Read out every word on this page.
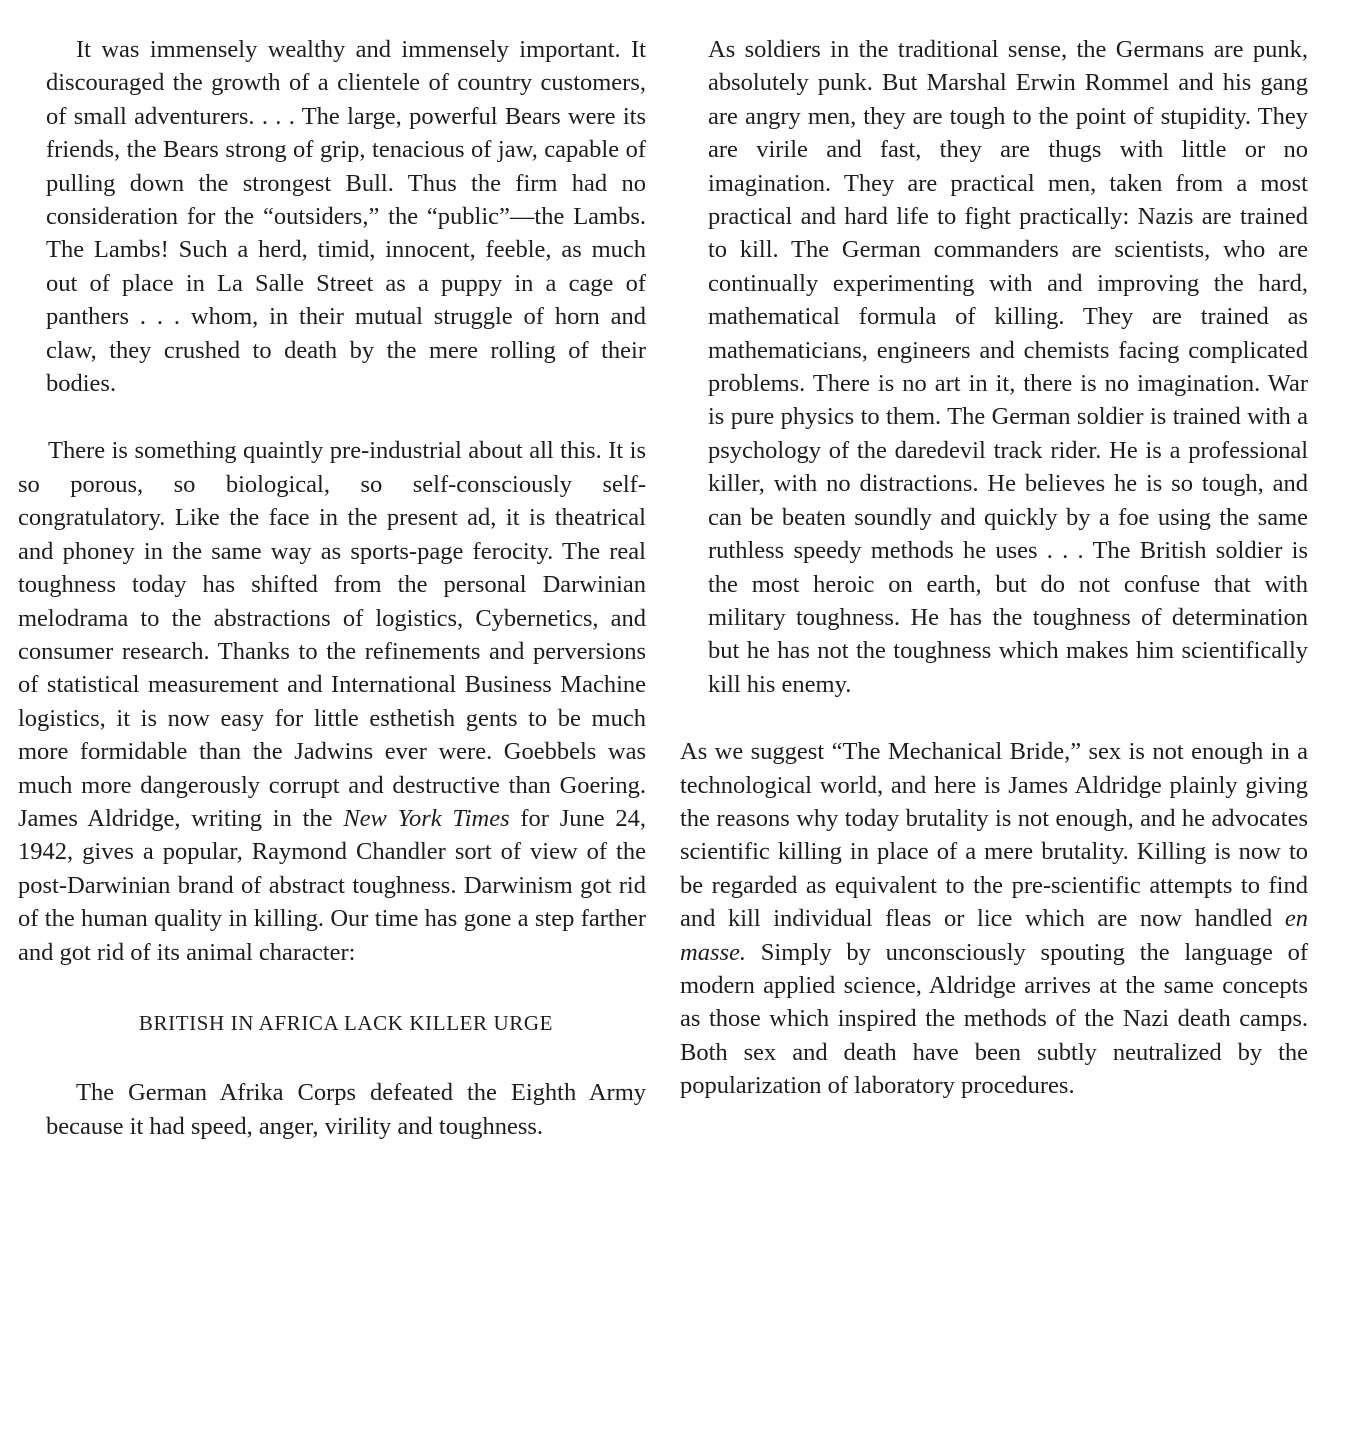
It was immensely wealthy and immensely important. It discouraged the growth of a clientele of country customers, of small adventurers. . . . The large, powerful Bears were its friends, the Bears strong of grip, tenacious of jaw, capable of pulling down the strongest Bull. Thus the firm had no consideration for the “outsiders,” the “public”—the Lambs. The Lambs! Such a herd, timid, innocent, feeble, as much out of place in La Salle Street as a puppy in a cage of panthers . . . whom, in their mutual struggle of horn and claw, they crushed to death by the mere rolling of their bodies.

There is something quaintly pre-industrial about all this. It is so porous, so biological, so self-consciously self-congratulatory. Like the face in the present ad, it is theatrical and phoney in the same way as sports-page ferocity. The real toughness today has shifted from the personal Darwinian melodrama to the abstractions of logistics, Cybernetics, and consumer research. Thanks to the refinements and perversions of statistical measurement and International Business Machine logistics, it is now easy for little esthetish gents to be much more formidable than the Jadwins ever were. Goebbels was much more dangerously corrupt and destructive than Goering. James Aldridge, writing in the New York Times for June 24, 1942, gives a popular, Raymond Chandler sort of view of the post-Darwinian brand of abstract toughness. Darwinism got rid of the human quality in killing. Our time has gone a step farther and got rid of its animal character:

BRITISH IN AFRICA LACK KILLER URGE

The German Afrika Corps defeated the Eighth Army because it had speed, anger, virility and toughness.

As soldiers in the traditional sense, the Germans are punk, absolutely punk. But Marshal Erwin Rommel and his gang are angry men, they are tough to the point of stupidity. They are virile and fast, they are thugs with little or no imagination. They are practical men, taken from a most practical and hard life to fight practically: Nazis are trained to kill. The German commanders are scientists, who are continually experimenting with and improving the hard, mathematical formula of killing. They are trained as mathematicians, engineers and chemists facing complicated problems. There is no art in it, there is no imagination. War is pure physics to them. The German soldier is trained with a psychology of the daredevil track rider. He is a professional killer, with no distractions. He believes he is so tough, and can be beaten soundly and quickly by a foe using the same ruthless speedy methods he uses . . . The British soldier is the most heroic on earth, but do not confuse that with military toughness. He has the toughness of determination but he has not the toughness which makes him scientifically kill his enemy.

As we suggest “The Mechanical Bride,” sex is not enough in a technological world, and here is James Aldridge plainly giving the reasons why today brutality is not enough, and he advocates scientific killing in place of a mere brutality. Killing is now to be regarded as equivalent to the pre-scientific attempts to find and kill individual fleas or lice which are now handled en masse. Simply by unconsciously spouting the language of modern applied science, Aldridge arrives at the same concepts as those which inspired the methods of the Nazi death camps. Both sex and death have been subtly neutralized by the popularization of laboratory procedures.
